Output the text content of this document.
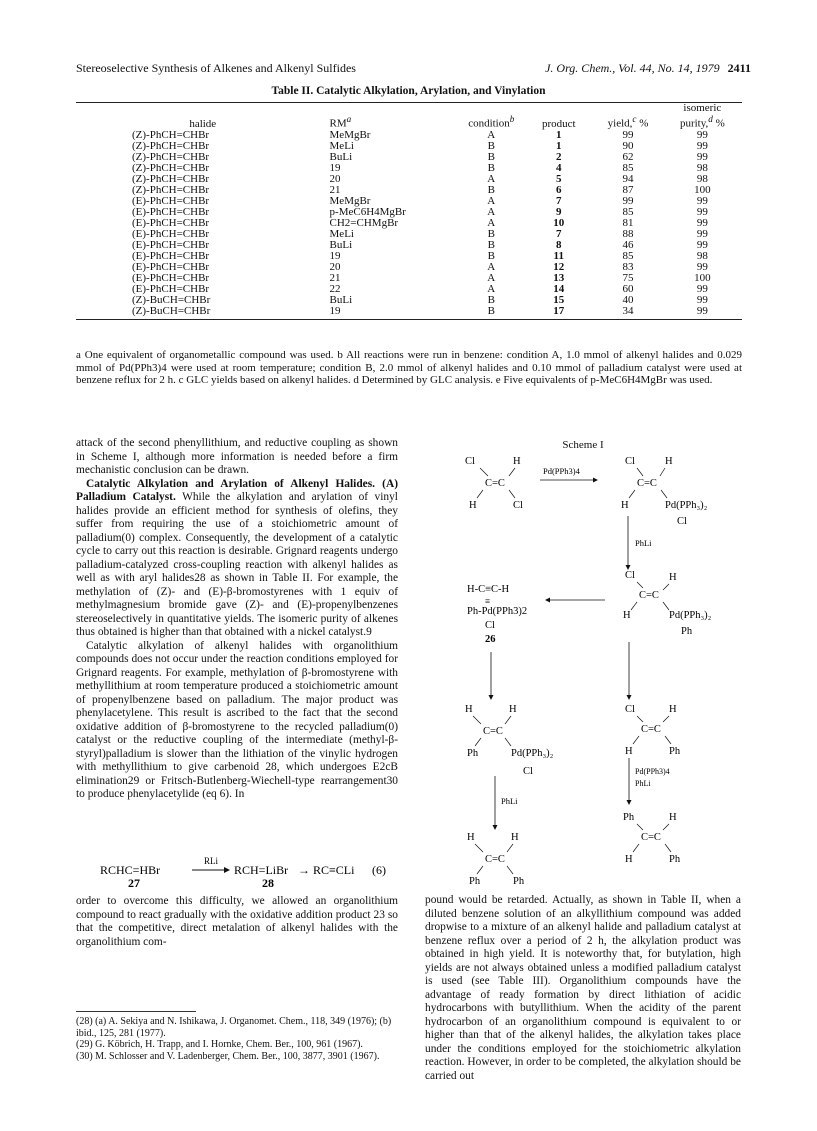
Stereoselective Synthesis of Alkenes and Alkenyl Sulfides	J. Org. Chem., Vol. 44, No. 14, 1979 2411
Table II. Catalytic Alkylation, Arylation, and Vinylation
halide	$RM^a$	condition$^b$	product	yield,$^c$ %	isomeric
purity,$^d$ %
(Z)-PhCH=CHBr	MeMgBr	A	1	99	99
(Z)-PhCH=CHBr	MeLi	B	1	90	99
(Z)-PhCH=CHBr	BuLi	B	2	62	99
(Z)-PhCH=CHBr	19	B	4	85	98
(Z)-PhCH=CHBr	20	A	5	94	98
(Z)-PhCH=CHBr	21	B	6	87	100
(E)-PhCH=CHBr	MeMgBr	A	7	99	99
(E)-PhCH=CHBr	p-MeC6H4MgBr	A	9	85	99
(E)-PhCH=CHBr	CH2=CHMgBr	A	10	81	99
(E)-PhCH=CHBr	MeLi	B	7	88	99
(E)-PhCH=CHBr	BuLi	B	8	46	99
(E)-PhCH=CHBr	19	B	11	85	98
(E)-PhCH=CHBr	20	A	12	83	99
(E)-PhCH=CHBr	21	A	13	75	100
(E)-PhCH=CHBr	22	A	14	60	99
(Z)-BuCH=CHBr	BuLi	B	15	40	99
(Z)-BuCH=CHBr	19	B	17	34	99
a One equivalent of organometallic compound was used. b All reactions were run in benzene: condition A, 1.0 mmol of alkenyl halides and 0.029 mmol of Pd(PPh3)4 were used at room temperature; condition B, 2.0 mmol of alkenyl halides and 0.10 mmol of palladium catalyst were used at benzene reflux for 2 h. c GLC yields based on alkenyl halides. d Determined by GLC analysis. e Five equivalents of p-MeC6H4MgBr was used.

attack of the second phenyllithium, and reductive coupling as shown in Scheme I, although more information is needed before a firm mechanistic conclusion can be drawn.

Catalytic Alkylation and Arylation of Alkenyl Halides. (A) Palladium Catalyst. While the alkylation and arylation of vinyl halides provide an efficient method for synthesis of olefins, they suffer from requiring the use of a stoichiometric amount of palladium(0) complex. Consequently, the development of a catalytic cycle to carry out this reaction is desirable. Grignard reagents undergo palladium-catalyzed cross-coupling reaction with alkenyl halides as well as with aryl halides28 as shown in Table II. For example, the methylation of (Z)- and (E)-β-bromostyrenes with 1 equiv of methylmagnesium bromide gave (Z)- and (E)-propenylbenzenes stereoselectively in quantitative yields. The isomeric purity of alkenes thus obtained is higher than that obtained with a nickel catalyst.9

Catalytic alkylation of alkenyl halides with organolithium compounds does not occur under the reaction conditions employed for Grignard reagents. For example, methylation of β-bromostyrene with methyllithium at room temperature produced a stoichiometric amount of propenylbenzene based on palladium. The major product was phenylacetylene. This result is ascribed to the fact that the second oxidative addition of β-bromostyrene to the recycled palladium(0) catalyst or the reductive coupling of the intermediate (methyl-β-styryl)palladium is slower than the lithiation of the vinylic hydrogen with methyllithium to give carbenoid 28, which undergoes E2cB elimination29 or Fritsch-Butlenberg-Wiechell-type rearrangement30 to produce phenylacetylide (eq 6). In

RCHC=HBr
RLi
RCH=LiBr → RC≡CLi (6)
27	28

order to overcome this difficulty, we allowed an organolithium compound to react gradually with the oxidative addition product 23 so that the competitive, direct metalation of alkenyl halides with the organolithium com-

(28) (a) A. Sekiya and N. Ishikawa, J. Organomet. Chem., 118, 349 (1976); (b) ibid., 125, 281 (1977).

(29) G. Köbrich, H. Trapp, and I. Hornke, Chem. Ber., 100, 961 (1967).

(30) M. Schlosser and V. Ladenberger, Chem. Ber., 100, 3877, 3901 (1967).

Scheme I
Cl	H
C=C
H	Cl
Pd(PPh3)4
Cl	H
C=C
H	Pd(PPh₃)₂
Cl
PhLi
Cl	H
C=C
H	Pd(PPh₃)₂
Ph
H-C≡C-H
≡
Ph-Pd(PPh3)2
Cl
26
H	H
C=C
Ph	Pd(PPh₃)₂
Cl
Cl	H
C=C
H	Ph
PhLi
Pd(PPh3)4
PhLi
Ph	H
C=C
H	Ph
H	H
C=C
Ph	Ph

pound would be retarded. Actually, as shown in Table II, when a diluted benzene solution of an alkyllithium compound was added dropwise to a mixture of an alkenyl halide and palladium catalyst at benzene reflux over a period of 2 h, the alkylation product was obtained in high yield. It is noteworthy that, for butylation, high yields are not always obtained unless a modified palladium catalyst is used (see Table III). Organolithium compounds have the advantage of ready formation by direct lithiation of acidic hydrocarbons with butyllithium. When the acidity of the parent hydrocarbon of an organolithium compound is equivalent to or higher than that of the alkenyl halides, the alkylation takes place under the conditions employed for the stoichiometric alkylation reaction. However, in order to be completed, the alkylation should be carried out
